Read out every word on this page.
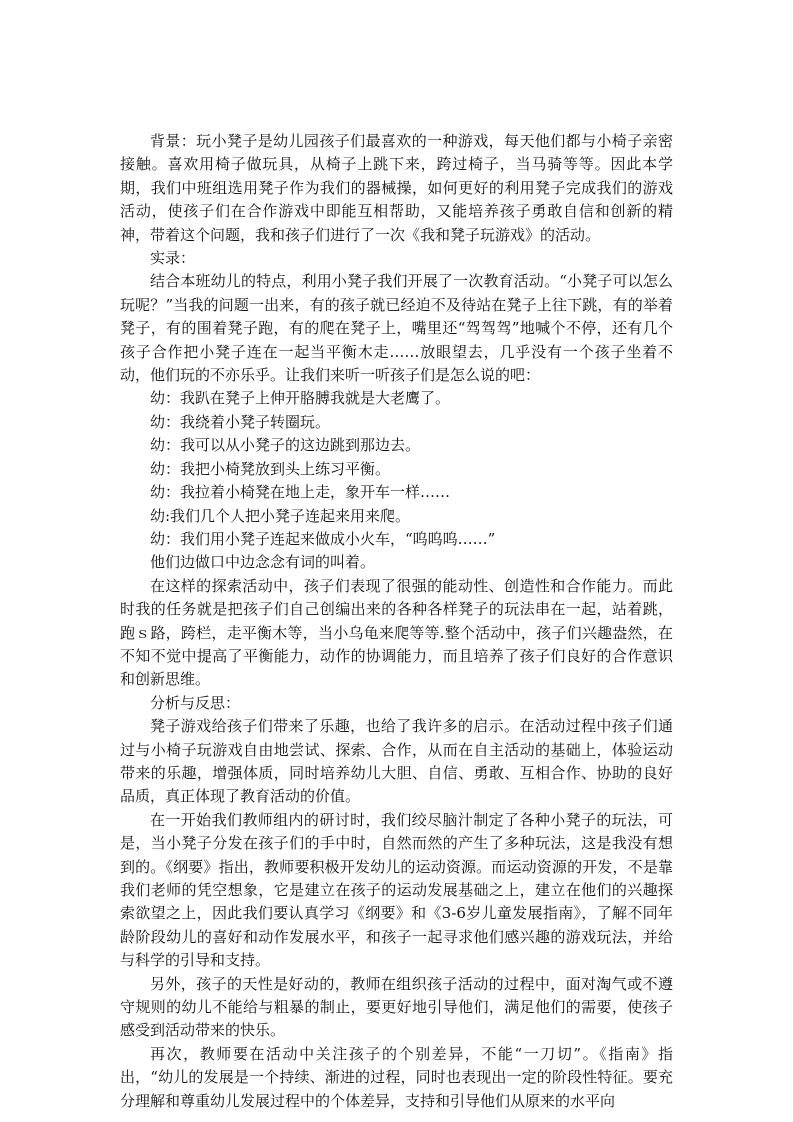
背景：玩小凳子是幼儿园孩子们最喜欢的一种游戏，每天他们都与小椅子亲密接触。喜欢用椅子做玩具，从椅子上跳下来，跨过椅子，当马骑等等。因此本学期，我们中班组选用凳子作为我们的器械操，如何更好的利用凳子完成我们的游戏活动，使孩子们在合作游戏中即能互相帮助，又能培养孩子勇敢自信和创新的精神，带着这个问题，我和孩子们进行了一次《我和凳子玩游戏》的活动。

实录：

结合本班幼儿的特点，利用小凳子我们开展了一次教育活动。“小凳子可以怎么玩呢？”当我的问题一出来，有的孩子就已经迫不及待站在凳子上往下跳，有的举着凳子，有的围着凳子跑，有的爬在凳子上，嘴里还“驾驾驾”地喊个不停，还有几个孩子合作把小凳子连在一起当平衡木走……放眼望去，几乎没有一个孩子坐着不动，他们玩的不亦乐乎。让我们来听一听孩子们是怎么说的吧：

幼：我趴在凳子上伸开胳膊我就是大老鹰了。

幼：我绕着小凳子转圈玩。

幼：我可以从小凳子的这边跳到那边去。

幼：我把小椅凳放到头上练习平衡。

幼：我拉着小椅凳在地上走，象开车一样……

幼:我们几个人把小凳子连起来用来爬。

幼：我们用小凳子连起来做成小火车，“呜呜呜……”

他们边做口中边念念有词的叫着。

在这样的探索活动中，孩子们表现了很强的能动性、创造性和合作能力。而此时我的任务就是把孩子们自己创编出来的各种各样凳子的玩法串在一起，站着跳，跑ｓ路，跨栏，走平衡木等，当小乌龟来爬等等.整个活动中，孩子们兴趣盎然，在不知不觉中提高了平衡能力，动作的协调能力，而且培养了孩子们良好的合作意识和创新思维。

分析与反思：

凳子游戏给孩子们带来了乐趣，也给了我许多的启示。在活动过程中孩子们通过与小椅子玩游戏自由地尝试、探索、合作，从而在自主活动的基础上，体验运动带来的乐趣，增强体质，同时培养幼儿大胆、自信、勇敢、互相合作、协助的良好品质，真正体现了教育活动的价值。

在一开始我们教师组内的研讨时，我们绞尽脑汁制定了各种小凳子的玩法，可是，当小凳子分发在孩子们的手中时，自然而然的产生了多种玩法，这是我没有想到的。《纲要》指出，教师要积极开发幼儿的运动资源。而运动资源的开发，不是靠我们老师的凭空想象，它是建立在孩子的运动发展基础之上，建立在他们的兴趣探索欲望之上，因此我们要认真学习《纲要》和《3-6岁儿童发展指南》，了解不同年龄阶段幼儿的喜好和动作发展水平，和孩子一起寻求他们感兴趣的游戏玩法，并给与科学的引导和支持。

另外，孩子的天性是好动的，教师在组织孩子活动的过程中，面对淘气或不遵守规则的幼儿不能给与粗暴的制止，要更好地引导他们，满足他们的需要，使孩子感受到活动带来的快乐。

再次，教师要在活动中关注孩子的个别差异，不能“一刀切”。《指南》指出，“幼儿的发展是一个持续、渐进的过程，同时也表现出一定的阶段性特征。要充分理解和尊重幼儿发展过程中的个体差异，支持和引导他们从原来的水平向
